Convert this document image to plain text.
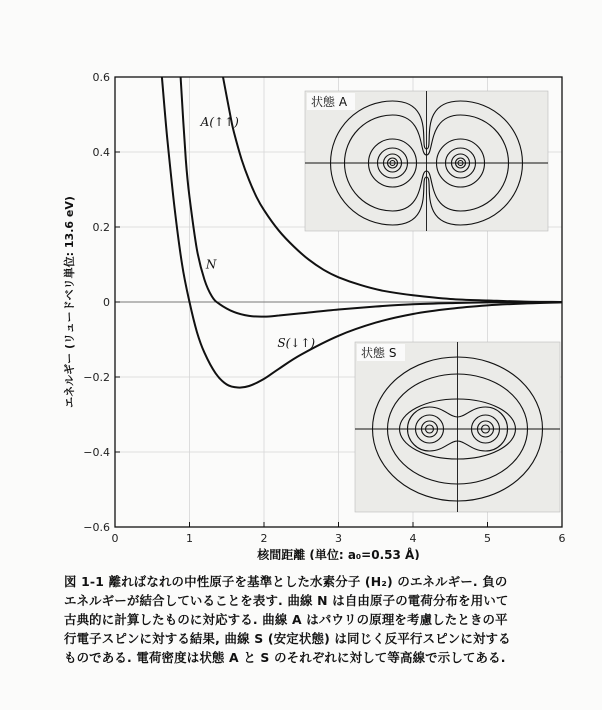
状態 A
状態 S
A(↑↑)
N
S(↓↑)
0	1	2	3	4	5	6
0.6
0.4
0.2
0
−0.2
−0.4
−0.6
核間距離 (単位: a₀=0.53 Å)
エネルギー (リュードベリ単位: 13.6 eV)
図 1-1 離ればなれの中性原子を基準とした水素分子 (H₂) のエネルギー. 負の
エネルギーが結合していることを表す. 曲線 N は自由原子の電荷分布を用いて
古典的に計算したものに対応する. 曲線 A はパウリの原理を考慮したときの平
行電子スピンに対する結果, 曲線 S (安定状態) は同じく反平行スピンに対する
ものである. 電荷密度は状態 A と S のそれぞれに対して等高線で示してある.
